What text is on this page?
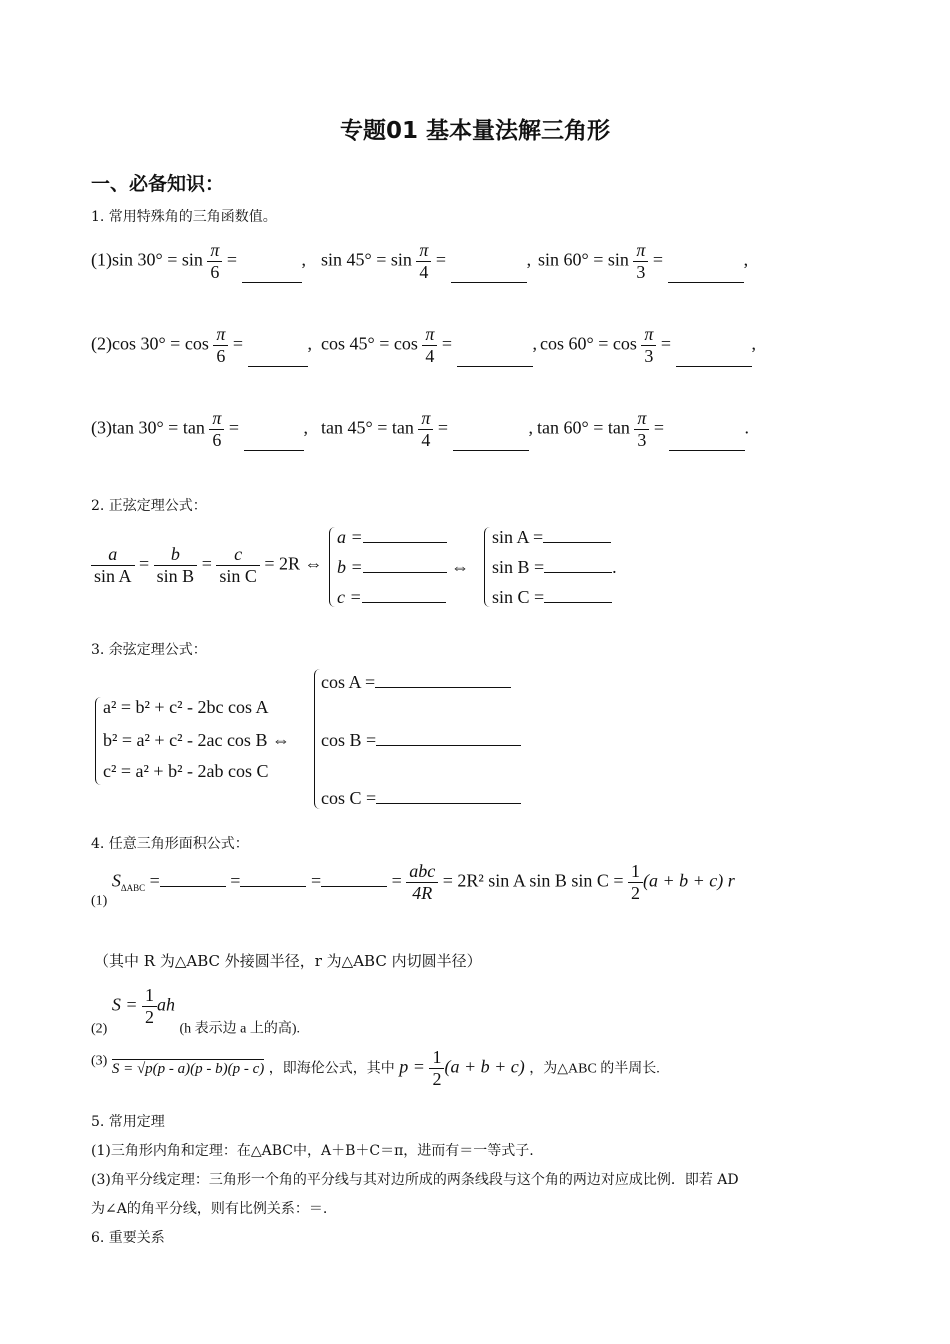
专题01 基本量法解三角形
一、必备知识：
1. 常用特殊角的三角函数值。
(1)sin $30^\circ = \sin \frac{\pi}{6}$ =	, $\sin 45^\circ = \sin \frac{\pi}{4}$ =	, $\sin 60^\circ = \sin \frac{\pi}{3}$ =	,
(2)cos $30^\circ = \cos \frac{\pi}{6}$ =	, $\cos 45^\circ = \cos \frac{\pi}{4}$ =	, $\cos 60^\circ = \cos \frac{\pi}{3}$ =	,
(3)tan $30^\circ = \tan \frac{\pi}{6}$ =	, $\tan 45^\circ = \tan \frac{\pi}{4}$ =	, $\tan 60^\circ = \tan \frac{\pi}{3}$ =	.
2. 正弦定理公式：
$\frac{a}{\text{sin A}} = \frac{b}{\text{sin B}} = \frac{c}{\text{sin C}} = 2R$ ⇔
a =
b =	⇔
c =
sin A =
sin B =	.
sin C =
3. 余弦定理公式：
a² = b² + c² - 2bc cos A
b² = a² + c² - 2ac cos B ⇔
c² = a² + b² - 2ab cos C
cos A =
cos B =
cos C =
4. 任意三角形面积公式：
$_{(1)}$ $S_{\Delta ABC}$ =	=	=	= $\frac{\text{abc}}{4R} = 2R^2$ sin A sin B $\sin C = \frac{1}{2} (a + b + c)$ r
（其中 R 为△ABC 外接圆半径，r 为△ABC 内切圆半径）
$_{(2)}$ $S = \frac{1}{2}$ ah $_{(h 表示边 a 上的高).}$
$^{(3)}$ S = √p(p - a)(p - b)(p - c) ，即海伦公式，其中 $p = \frac{1}{2} (a + b + c)$ ，为△ABC 的半周长.
5. 常用定理
(1)三角形内角和定理：在△ABC中，A＋B＋C＝π，进而有＝一等式子.
(3)角平分线定理：三角形一个角的平分线与其对边所成的两条线段与这个角的两边对应成比例．即若 AD
为∠A的角平分线，则有比例关系：＝.
6. 重要关系
